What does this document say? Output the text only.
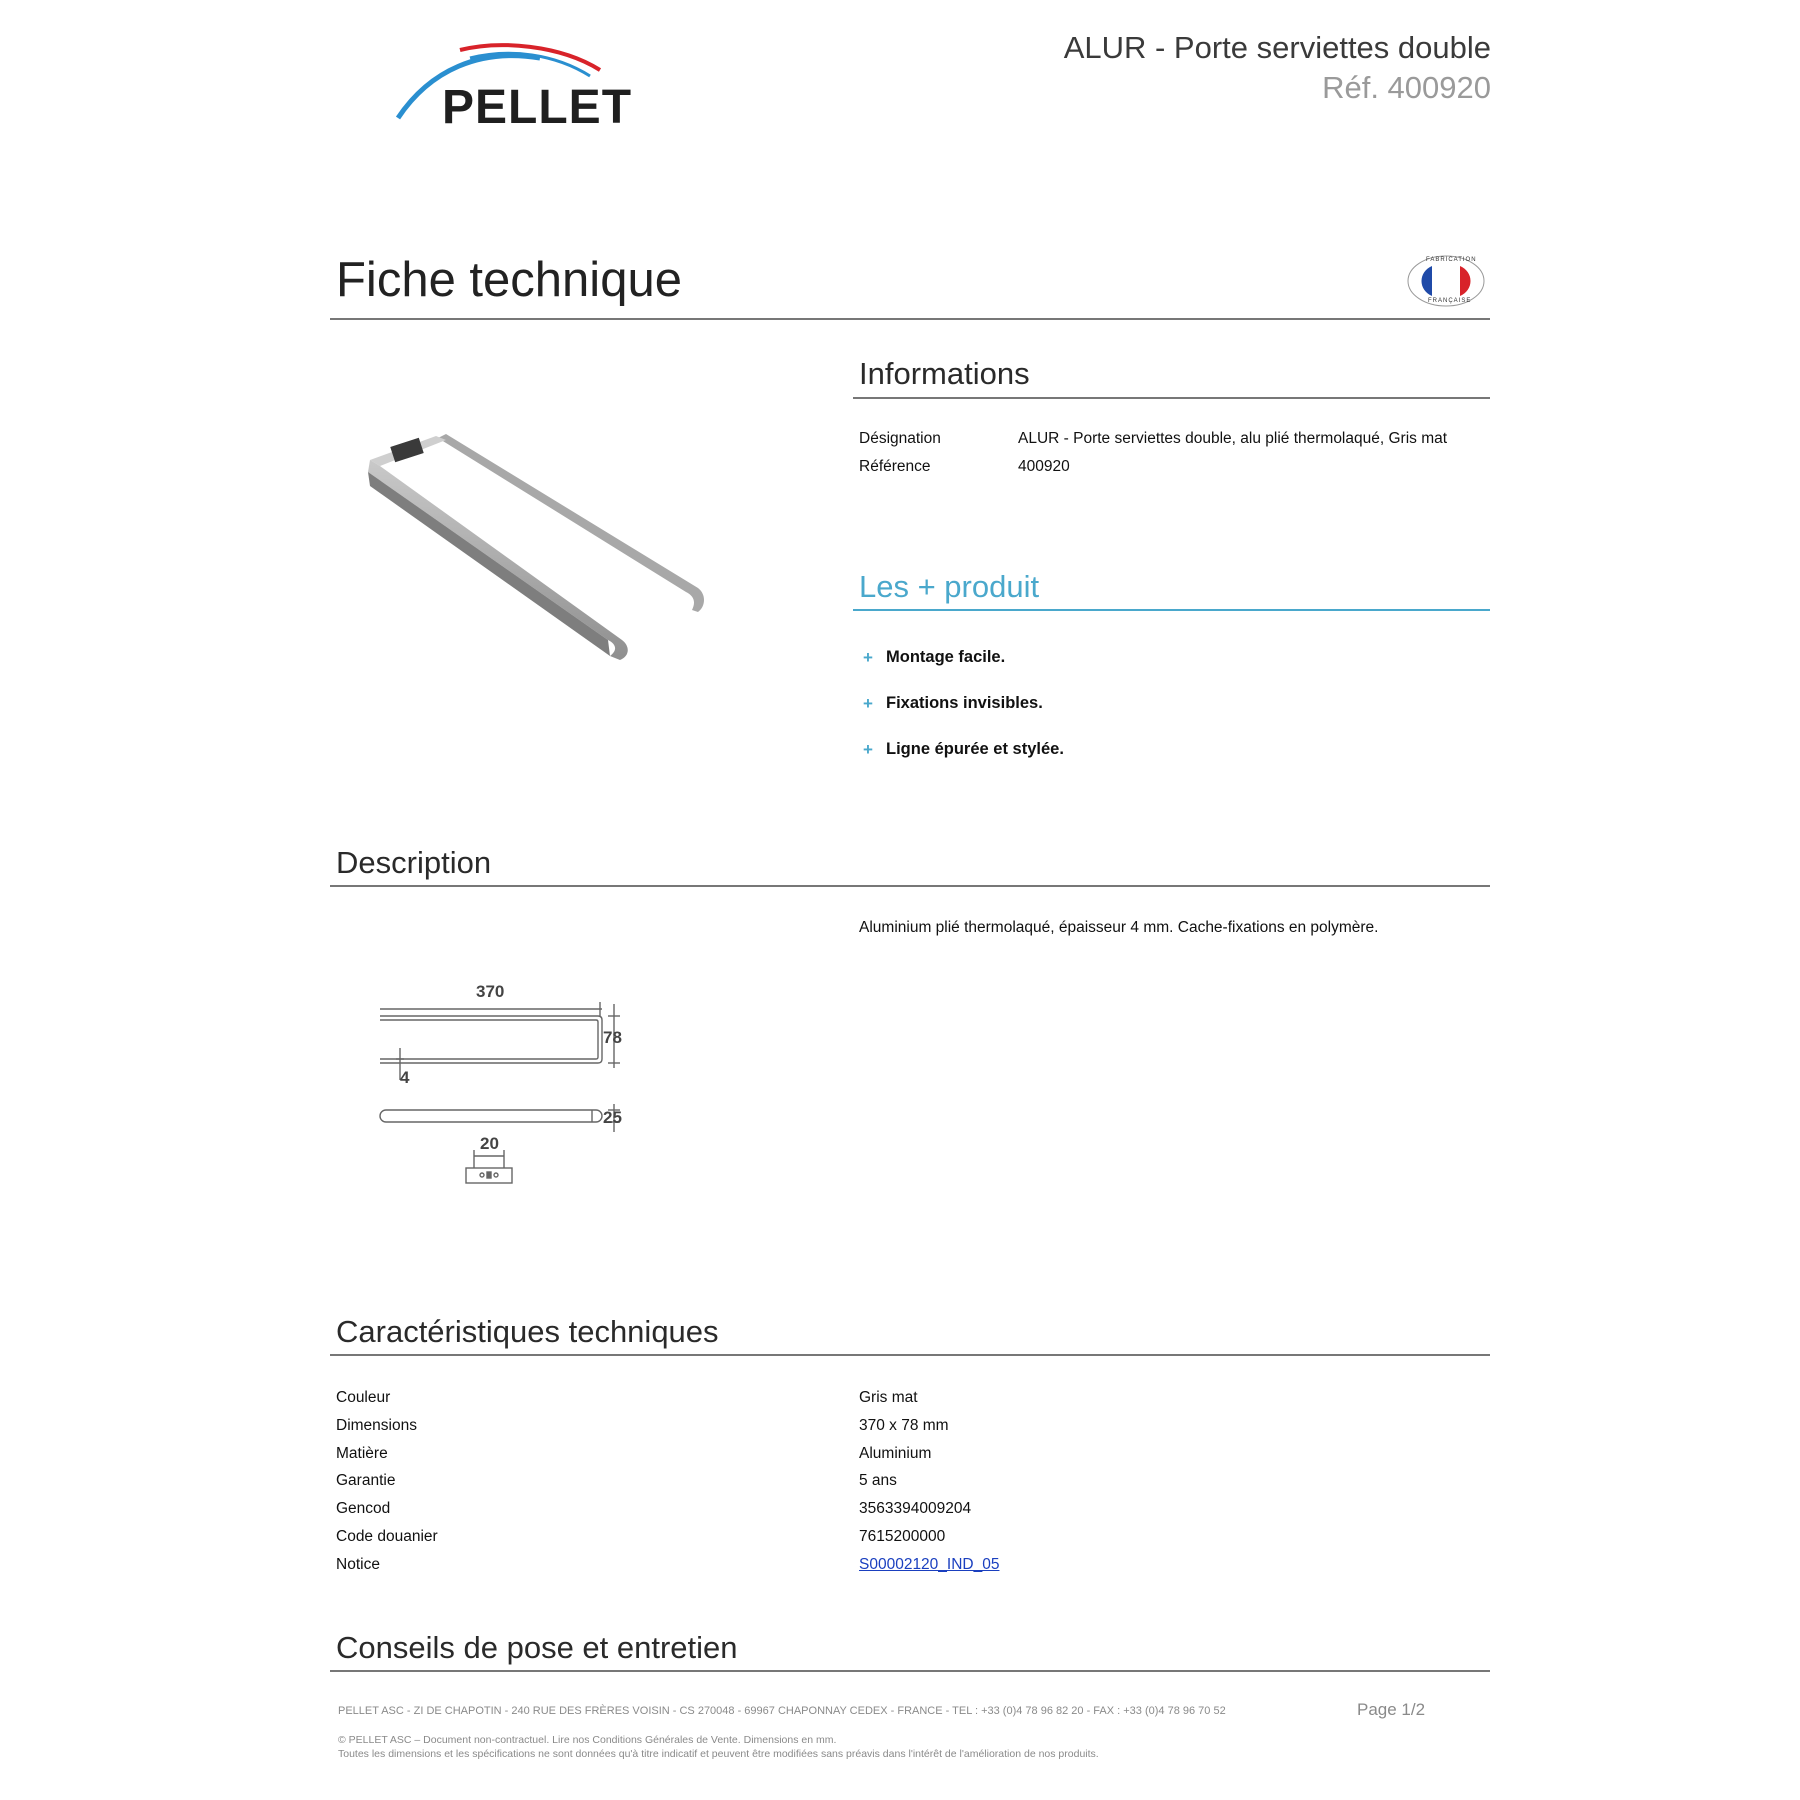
PELLET
ALUR - Porte serviettes double
Réf. 400920
Fiche technique	FABRICATION
FRANÇAISE
Informations
Désignation	ALUR - Porte serviettes double, alu plié thermolaqué, Gris mat
Référence	400920
Les + produit
+ Montage facile.
+ Fixations invisibles.
+ Ligne épurée et stylée.
Description
Aluminium plié thermolaqué, épaisseur 4 mm. Cache-fixations en polymère.
370
78
4
25
20
Caractéristiques techniques
Couleur	Gris mat
Dimensions	370 x 78 mm
Matière	Aluminium
Garantie	5 ans
Gencod	3563394009204
Code douanier	7615200000
Notice	S00002120_IND_05
Conseils de pose et entretien
PELLET ASC - ZI DE CHAPOTIN - 240 RUE DES FRÈRES VOISIN - CS 270048 - 69967 CHAPONNAY CEDEX - FRANCE - TEL : +33 (0)4 78 96 82 20 - FAX : +33 (0)4 78 96 70 52	Page 1/2
© PELLET ASC – Document non-contractuel. Lire nos Conditions Générales de Vente. Dimensions en mm.
Toutes les dimensions et les spécifications ne sont données qu'à titre indicatif et peuvent être modifiées sans préavis dans l'intérêt de l'amélioration de nos produits.
